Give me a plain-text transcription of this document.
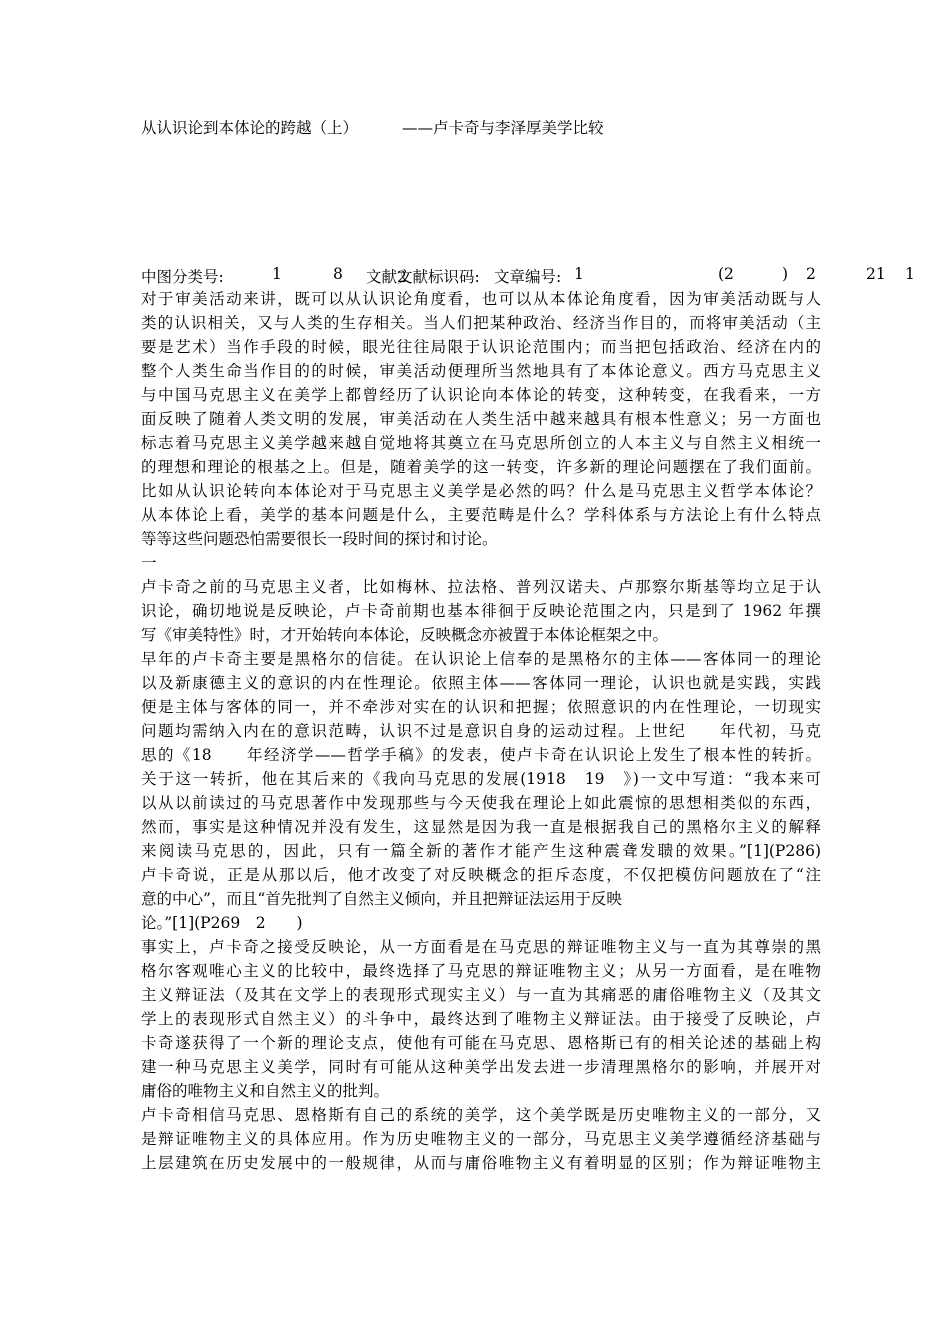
从认识论到本体论的跨越（上）	——卢卡奇与李泽厚美学比较
中图分类号:	1	8 文献2
文献标识码: 文章编号: 1	(2	) 2	21 1
对于审美活动来讲，既可以从认识论角度看，也可以从本体论角度看，因为审美活动既与人
类的认识相关，又与人类的生存相关。当人们把某种政治、经济当作目的，而将审美活动（主
要是艺术）当作手段的时候，眼光往往局限于认识论范围内；而当把包括政治、经济在内的
整个人类生命当作目的的时候，审美活动便理所当然地具有了本体论意义。西方马克思主义
与中国马克思主义在美学上都曾经历了认识论向本体论的转变，这种转变，在我看来，一方
面反映了随着人类文明的发展，审美活动在人类生活中越来越具有根本性意义；另一方面也
标志着马克思主义美学越来越自觉地将其奠立在马克思所创立的人本主义与自然主义相统一
的理想和理论的根基之上。但是，随着美学的这一转变，许多新的理论问题摆在了我们面前。
比如从认识论转向本体论对于马克思主义美学是必然的吗？什么是马克思主义哲学本体论？
从本体论上看，美学的基本问题是什么，主要范畴是什么？学科体系与方法论上有什么特点
等等这些问题恐怕需要很长一段时间的探讨和讨论。
一
卢卡奇之前的马克思主义者，比如梅林、拉法格、普列汉诺夫、卢那察尔斯基等均立足于认
识论，确切地说是反映论，卢卡奇前期也基本徘徊于反映论范围之内，只是到了 1962 年撰
写《审美特性》时，才开始转向本体论，反映概念亦被置于本体论框架之中。
早年的卢卡奇主要是黑格尔的信徒。在认识论上信奉的是黑格尔的主体——客体同一的理论
以及新康德主义的意识的内在性理论。依照主体——客体同一理论，认识也就是实践，实践
便是主体与客体的同一，并不牵涉对实在的认识和把握；依照意识的内在性理论，一切现实
问题均需纳入内在的意识范畴，认识不过是意识自身的运动过程。上世纪　　年代初，马克
思的《18　　年经济学——哲学手稿》的发表，使卢卡奇在认识论上发生了根本性的转折。
关于这一转折，他在其后来的《我向马克思的发展(1918　19　》)一文中写道：“我本来可
以从以前读过的马克思著作中发现那些与今天使我在理论上如此震惊的思想相类似的东西，
然而，事实是这种情况并没有发生，这显然是因为我一直是根据我自己的黑格尔主义的解释
来阅读马克思的，因此，只有一篇全新的著作才能产生这种震聋发聩的效果。”[1](P286)
卢卡奇说，正是从那以后，他才改变了对反映概念的拒斥态度，不仅把模仿问题放在了“注
意的中心”，而且“首先批判了自然主义倾向，并且把辩证法运用于反映
论。”[1](P269　2　　)
事实上，卢卡奇之接受反映论，从一方面看是在马克思的辩证唯物主义与一直为其尊崇的黑
格尔客观唯心主义的比较中，最终选择了马克思的辩证唯物主义；从另一方面看，是在唯物
主义辩证法（及其在文学上的表现形式现实主义）与一直为其痛恶的庸俗唯物主义（及其文
学上的表现形式自然主义）的斗争中，最终达到了唯物主义辩证法。由于接受了反映论，卢
卡奇遂获得了一个新的理论支点，使他有可能在马克思、恩格斯已有的相关论述的基础上构
建一种马克思主义美学，同时有可能从这种美学出发去进一步清理黑格尔的影响，并展开对
庸俗的唯物主义和自然主义的批判。
卢卡奇相信马克思、恩格斯有自己的系统的美学，这个美学既是历史唯物主义的一部分，又
是辩证唯物主义的具体应用。作为历史唯物主义的一部分，马克思主义美学遵循经济基础与
上层建筑在历史发展中的一般规律，从而与庸俗唯物主义有着明显的区别；作为辩证唯物主
